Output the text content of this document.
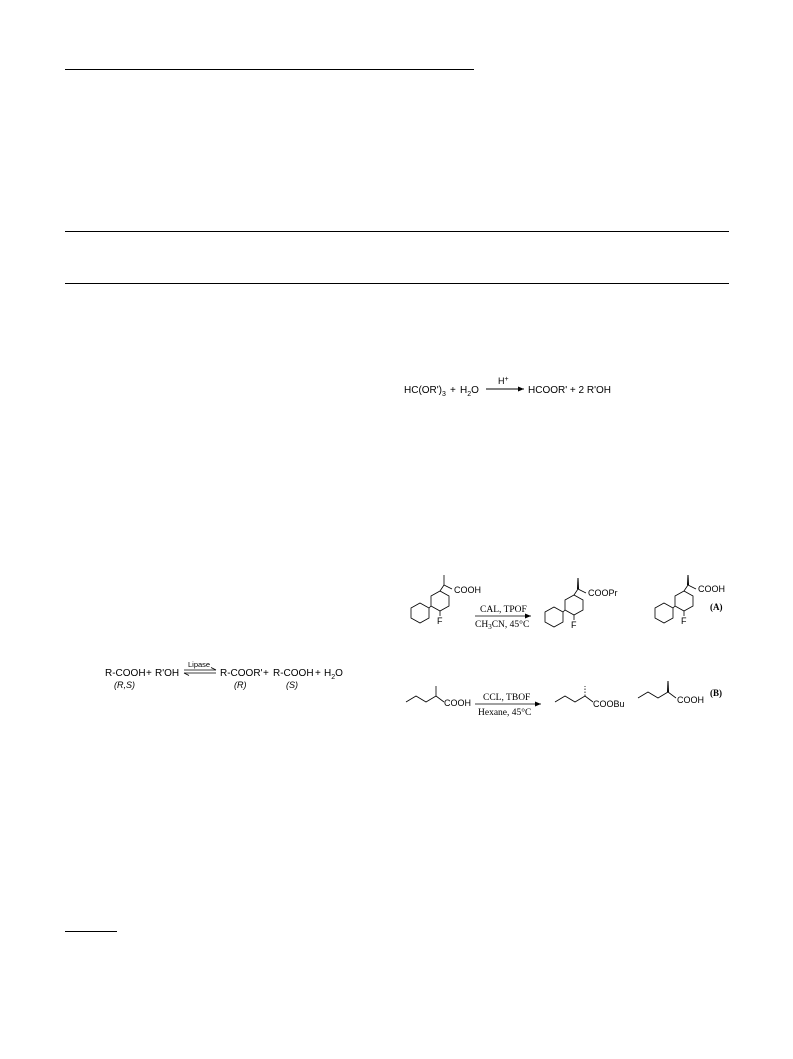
$HC(OR')_3 + H_2O$
H+
HCOOR' + 2 R'OH
R-COOH
(R,S)
+ R'OH
Lipase
R-COOR'
(R)
+ R-COOH
(S)
+ $H_2O$
COOH
F
CAL, TPOF
$CH_3CN$, 45°C
COOPr
F
COOH
F
(A)
COOH CCL, TBOF
Hexane, 45°C
COOBu	COOH
(B)
